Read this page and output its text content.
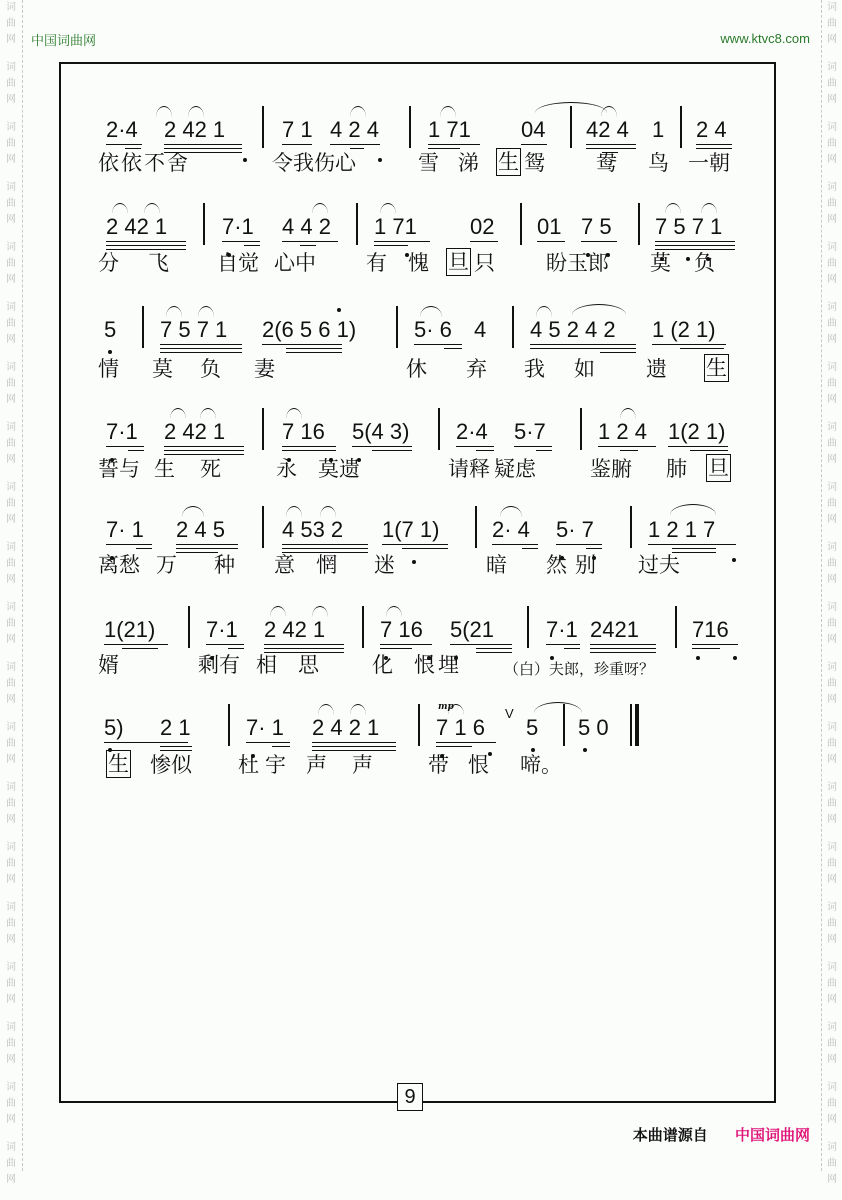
词
曲
网
词
曲
网
词
曲
网
词
曲
网
词
曲
网
词
曲
网
词
曲
网
词
曲
网
词
曲
网
词
曲
网
词
曲
网
词
曲
网
词
曲
网
词
曲
网
词
曲
网
词
曲
网
词
曲
网
词
曲
网
词
曲
网
词
曲
网
词
曲
网
词
曲
网
词
曲
网
词
曲
网
词
曲
网
词
曲
网
词
曲
网
词
曲
网
词
曲
网
词
曲
网
词
曲
网
词
曲
网
词
曲
网
词
曲
网
词
曲
网
词
曲
网
词
曲
网
词
曲
网
词
曲
网
词
曲
网
中国词曲网	www.ktvc8.com
9
本曲谱源自 中国词曲网
2·4 2 42 1	7 1 4 2 4 1 71 04 42 4 1 2 4
依依不舍	令我伤心	雪 涕 生 鸳 鸯 鸟 一朝
2 42 1 7·1 4 4 2 1 71 02 01 7 5 7 5 7 1
分 飞 自觉 心中 有 愧 旦 只 盼玉郎 莫 负
5 7 5 7 1 2(6 5 6 1)	5· 6 4 4 5 2 4 2 1 (2 1)
情 莫 负 妻	休 弃 我 如 遗 生
7·1 2 42 1	7 16 5(4 3) 2·4 5·7 1 2 4 1(2 1)
誓与 生 死	永 莫遗	请释 疑虑	鉴腑 肺 旦
7· 1 2 4 5	4 53 2 1(7 1) 2· 4 5· 7 1 2 1 7
离愁 万 种 意 惘 迷	暗 然别 过夫
1(21) 7·1 2 42 1 7 16 5(21 7·1 2421 716
婿	剩有 相 思	化 恨埋	（白）夫郎，珍重呀？
5) 2 1	7· 1 2 4 2 1
mp
7 1 6
V
5 5 0
生 惨似 杜宇 声 声	带 恨 啼。
